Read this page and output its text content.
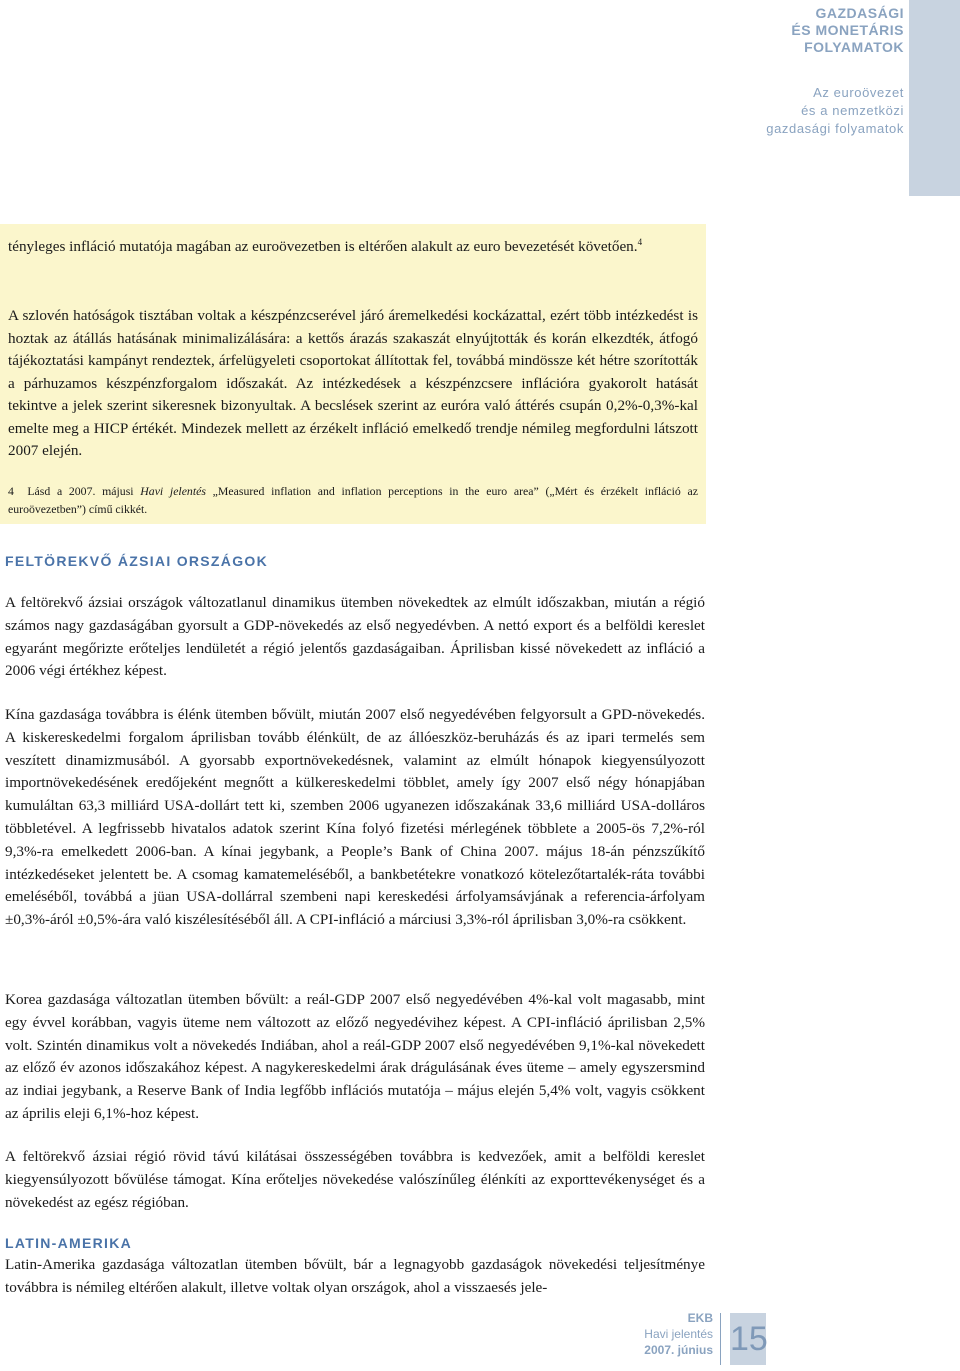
GAZDASÁGI
ÉS MONETÁRIS
FOLYAMATOK
Az euroövezet
és a nemzetközi
gazdasági folyamatok

tényleges infláció mutatója magában az euroövezetben is eltérően alakult az euro bevezetését követően.$^4$

A szlovén hatóságok tisztában voltak a készpénzcserével járó áremelkedési kockázattal, ezért több intézkedést is hoztak az átállás hatásának minimalizálására: a kettős árazás szakaszát elnyújtották és korán elkezdték, átfogó tájékoztatási kampányt rendeztek, árfelügyeleti csoportokat állítottak fel, továbbá mindössze két hétre szorították a párhuzamos készpénzforgalom időszakát. Az intézkedések a készpénzcsere inflációra gyakorolt hatását tekintve a jelek szerint sikeresnek bizonyultak. A becslések szerint az euróra való áttérés csupán 0,2%-0,3%-kal emelte meg a HICP értékét. Mindezek mellett az érzékelt infláció emelkedő trendje némileg megfordulni látszott 2007 elején.

4 Lásd a 2007. májusi Havi jelentés „Measured inflation and inflation perceptions in the euro area” („Mért és érzékelt infláció az euroövezetben”) című cikkét.

FELTÖREKVŐ ÁZSIAI ORSZÁGOK

A feltörekvő ázsiai országok változatlanul dinamikus ütemben növekedtek az elmúlt időszakban, miután a régió számos nagy gazdaságában gyorsult a GDP-növekedés az első negyedévben. A nettó export és a belföldi kereslet egyaránt megőrizte erőteljes lendületét a régió jelentős gazdaságaiban. Áprilisban kissé növekedett az infláció a 2006 végi értékhez képest.

Kína gazdasága továbbra is élénk ütemben bővült, miután 2007 első negyedévében felgyorsult a GPD-növekedés. A kiskereskedelmi forgalom áprilisban tovább élénkült, de az állóeszköz-beruházás és az ipari termelés sem veszített dinamizmusából. A gyorsabb exportnövekedésnek, valamint az elmúlt hónapok kiegyensúlyozott importnövekedésének eredőjeként megnőtt a külkereskedelmi többlet, amely így 2007 első négy hónapjában kumuláltan 63,3 milliárd USA-dollárt tett ki, szemben 2006 ugyanezen időszakának 33,6 milliárd USA-dolláros többletével. A legfrissebb hivatalos adatok szerint Kína folyó fizetési mérlegének többlete a 2005-ös 7,2%-ról 9,3%-ra emelkedett 2006-ban. A kínai jegybank, a People’s Bank of China 2007. május 18-án pénzszűkítő intézkedéseket jelentett be. A csomag kamatemeléséből, a bankbetétekre vonatkozó kötelezőtartalék-ráta további emeléséből, továbbá a jüan USA-dollárral szembeni napi kereskedési árfolyamsávjának a referencia-árfolyam ±0,3%-áról ±0,5%-ára való kiszélesítéséből áll. A CPI-infláció a márciusi 3,3%-ról áprilisban 3,0%-ra csökkent.

Korea gazdasága változatlan ütemben bővült: a reál-GDP 2007 első negyedévében 4%-kal volt magasabb, mint egy évvel korábban, vagyis üteme nem változott az előző negyedévihez képest. A CPI-infláció áprilisban 2,5% volt. Szintén dinamikus volt a növekedés Indiában, ahol a reál-GDP 2007 első negyedévében 9,1%-kal növekedett az előző év azonos időszakához képest. A nagykereskedelmi árak drágulásának éves üteme – amely egyszersmind az indiai jegybank, a Reserve Bank of India legfőbb inflációs mutatója – május elején 5,4% volt, vagyis csökkent az április eleji 6,1%-hoz képest.

A feltörekvő ázsiai régió rövid távú kilátásai összességében továbbra is kedvezőek, amit a belföldi kereslet kiegyensúlyozott bővülése támogat. Kína erőteljes növekedése valószínűleg élénkíti az exporttevékenységet és a növekedést az egész régióban.

LATIN-AMERIKA

Latin-Amerika gazdasága változatlan ütemben bővült, bár a legnagyobb gazdaságok növekedési teljesítménye továbbra is némileg eltérően alakult, illetve voltak olyan országok, ahol a visszaesés jele-

EKB
Havi jelentés
2007. június 15
